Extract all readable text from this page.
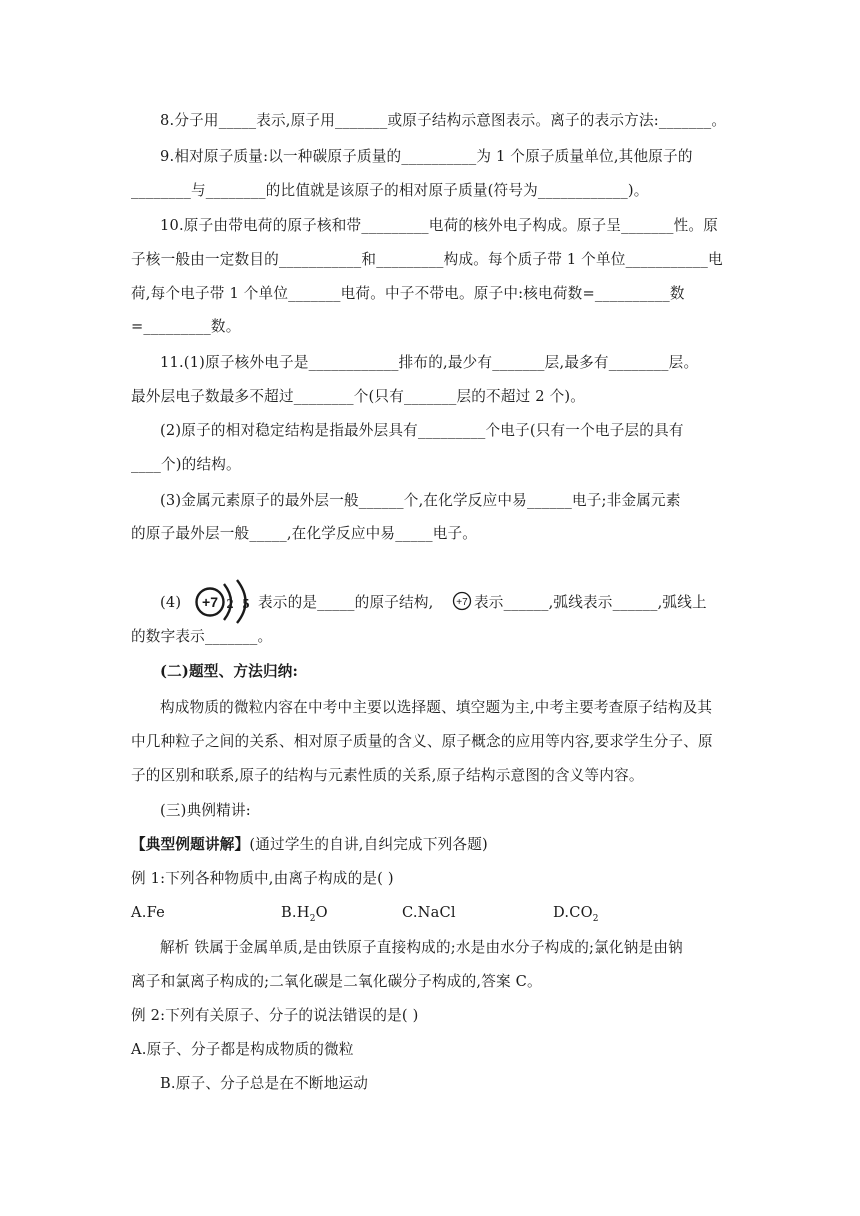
8.分子用_____表示,原子用_______或原子结构示意图表示。离子的表示方法:_______。
9.相对原子质量:以一种碳原子质量的__________为 1 个原子质量单位,其他原子的
________与________的比值就是该原子的相对原子质量(符号为____________)。
10.原子由带电荷的原子核和带_________电荷的核外电子构成。原子呈_______性。原
子核一般由一定数目的___________和_________构成。每个质子带 1 个单位___________电
荷,每个电子带 1 个单位_______电荷。中子不带电。原子中:核电荷数=__________数
=_________数。
11.(1)原子核外电子是____________排布的,最少有_______层,最多有________层。
最外层电子数最多不超过________个(只有_______层的不超过 2 个)。
(2)原子的相对稳定结构是指最外层具有_________个电子(只有一个电子层的具有
____个)的结构。
(3)金属元素原子的最外层一般______个,在化学反应中易______电子;非金属元素
的原子最外层一般_____,在化学反应中易_____电子。
(4) +7 2 5 表示的是_____的原子结构, +7 表示______,弧线表示______,弧线上
的数字表示_______。
(二)题型、方法归纳:
构成物质的微粒内容在中考中主要以选择题、填空题为主,中考主要考查原子结构及其
中几种粒子之间的关系、相对原子质量的含义、原子概念的应用等内容,要求学生分子、原
子的区别和联系,原子的结构与元素性质的关系,原子结构示意图的含义等内容。
(三)典例精讲:
【典型例题讲解】(通过学生的自讲,自纠完成下列各题)
例 1:下列各种物质中,由离子构成的是( )
A.Fe	$B.H_2O$	C.NaCl	$D.CO_2$
解析 铁属于金属单质,是由铁原子直接构成的;水是由水分子构成的;氯化钠是由钠
离子和氯离子构成的;二氧化碳是二氧化碳分子构成的,答案 C。
例 2:下列有关原子、分子的说法错误的是( )
A.原子、分子都是构成物质的微粒
B.原子、分子总是在不断地运动
